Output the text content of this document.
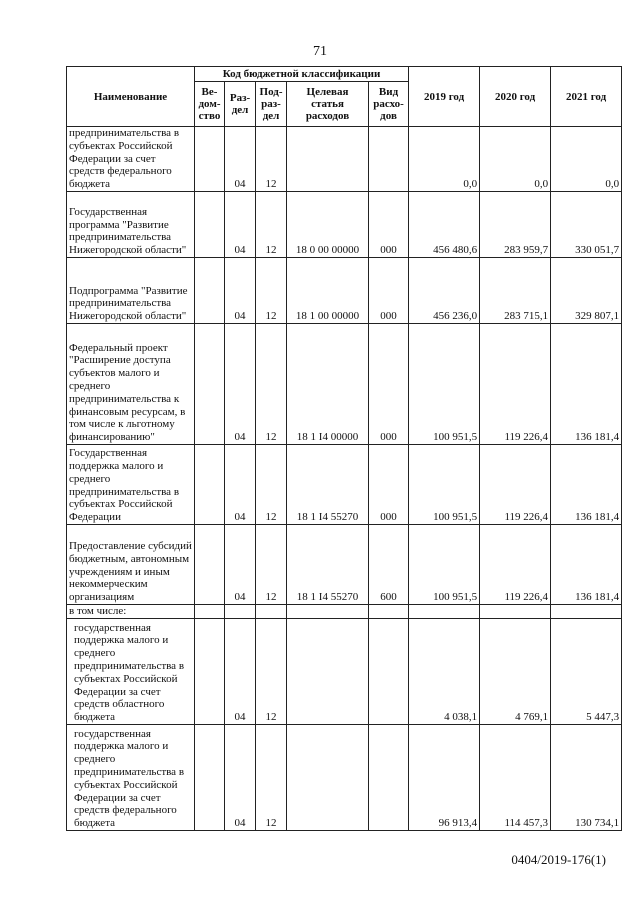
71
Наименование	Код бюджетной классификации					2019 год	2020 год	2021 год
	Ве-
дом-
ство	Раз-
дел	Под-
раз-
дел	Целевая
статья
расходов	Вид
расхо-
дов			
предпринимательства в субъектах Российской Федерации за счет средств федерального бюджета		04	12			0,0	0,0	0,0
Государственная программа "Развитие предпринимательства Нижегородской области"		04	12	18 0 00 00000	000	456 480,6	283 959,7	330 051,7
Подпрограмма "Развитие предпринимательства Нижегородской области"		04	12	18 1 00 00000	000	456 236,0	283 715,1	329 807,1
Федеральный проект "Расширение доступа субъектов малого и среднего предпринимательства к финансовым ресурсам, в том числе к льготному финансированию"		04	12	18 1 I4 00000	000	100 951,5	119 226,4	136 181,4
Государственная поддержка малого и среднего предпринимательства в субъектах Российской Федерации		04	12	18 1 I4 55270	000	100 951,5	119 226,4	136 181,4
Предоставление субсидий бюджетным, автономным учреждениям и иным некоммерческим организациям		04	12	18 1 I4 55270	600	100 951,5	119 226,4	136 181,4
в том числе:								
государственная поддержка малого и среднего предпринимательства в субъектах Российской Федерации за счет средств областного бюджета		04	12			4 038,1	4 769,1	5 447,3
государственная поддержка малого и среднего предпринимательства в субъектах Российской Федерации за счет средств федерального бюджета		04	12			96 913,4	114 457,3	130 734,1
0404/2019-176(1)
